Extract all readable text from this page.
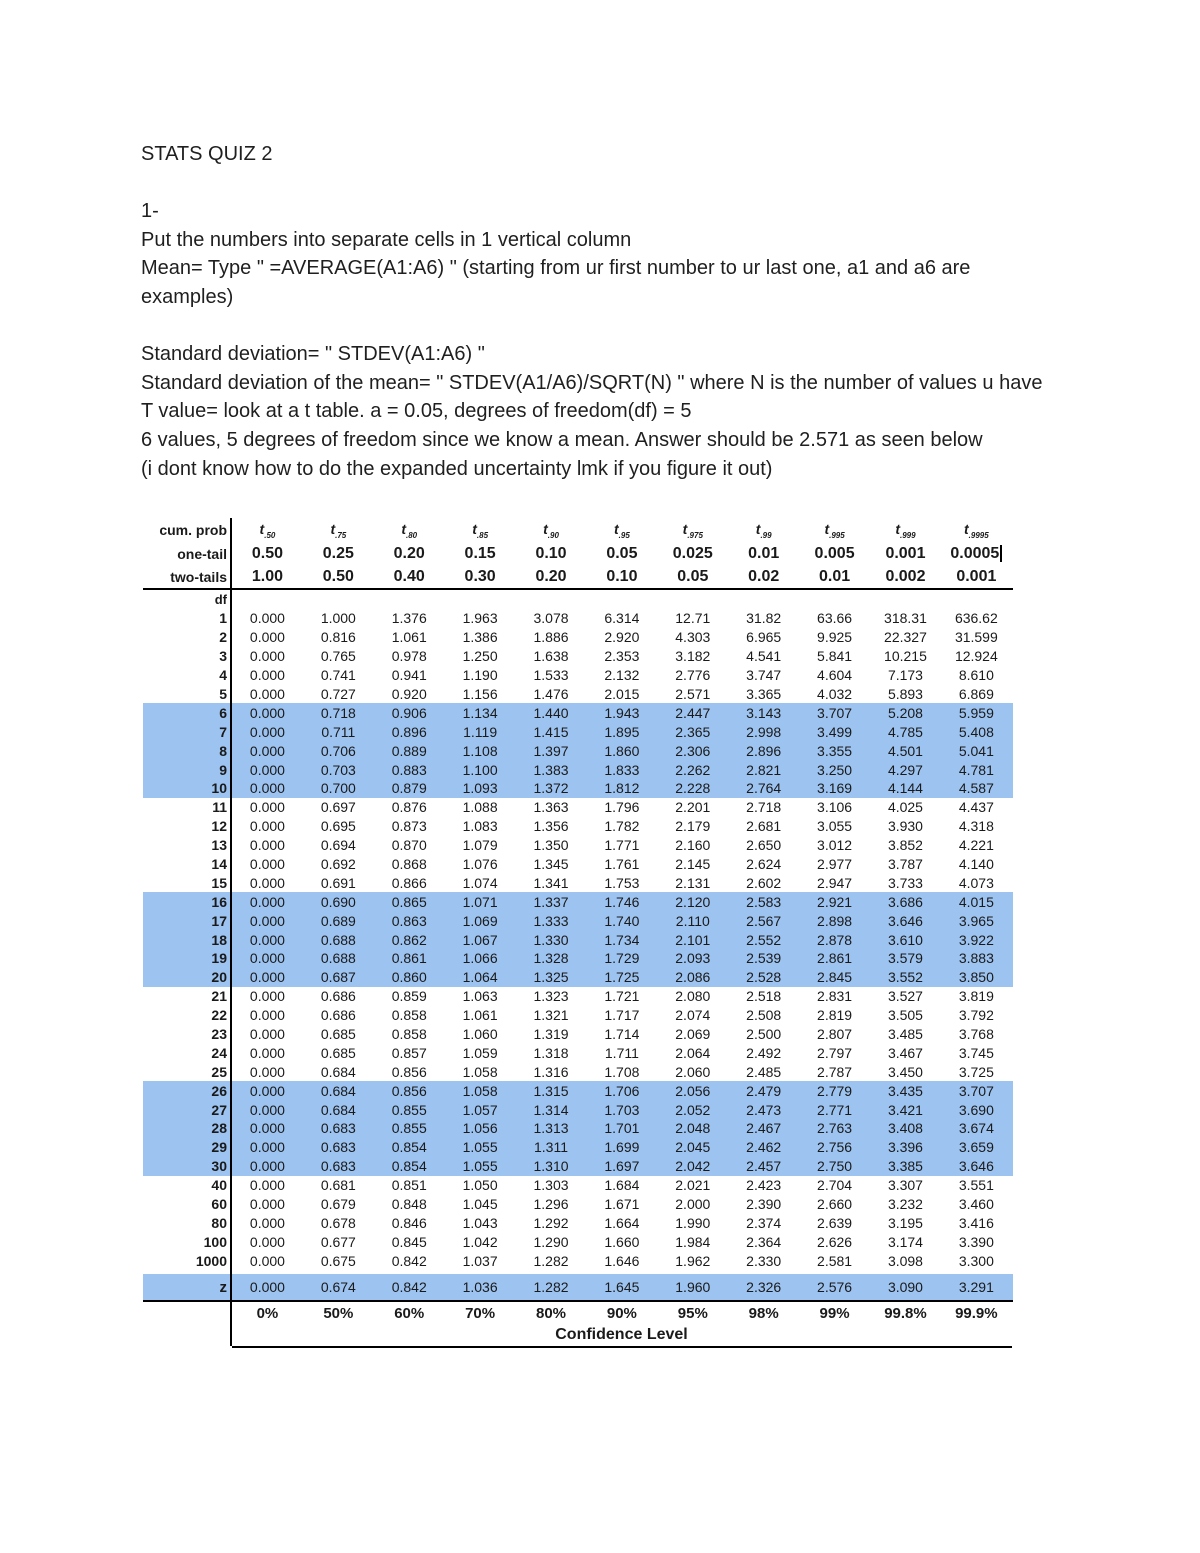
STATS QUIZ 2

1-

Put the numbers into separate cells in 1 vertical column

Mean= Type " =AVERAGE(A1:A6) " (starting from ur first number to ur last one, a1 and a6 are examples)

Standard deviation= " STDEV(A1:A6) "

Standard deviation of the mean= " STDEV(A1/A6)/SQRT(N) " where N is the number of values u have

T value= look at a t table. a = 0.05, degrees of freedom(df) = 5

6 values, 5 degrees of freedom since we know a mean. Answer should be 2.571 as seen below

(i dont know how to do the expanded uncertainty lmk if you figure it out)

cum. prob	$t_{.50}$	$t_{.75}$	$t_{.80}$	$t_{.85}$	$t_{.90}$	$t_{.95}$	$t_{.975}$	$t_{.99}$	$t_{.995}$	$t_{.999}$	$t_{.9995}$
one-tail	0.50	0.25	0.20	0.15	0.10	0.05	0.025	0.01	0.005	0.001	0.0005
two-tails	1.00	0.50	0.40	0.30	0.20	0.10	0.05	0.02	0.01	0.002	0.001
df
1	0.000	1.000	1.376	1.963	3.078	6.314	12.71	31.82	63.66	318.31	636.62
2	0.000	0.816	1.061	1.386	1.886	2.920	4.303	6.965	9.925	22.327	31.599
3	0.000	0.765	0.978	1.250	1.638	2.353	3.182	4.541	5.841	10.215	12.924
4	0.000	0.741	0.941	1.190	1.533	2.132	2.776	3.747	4.604	7.173	8.610
5	0.000	0.727	0.920	1.156	1.476	2.015	2.571	3.365	4.032	5.893	6.869
6	0.000	0.718	0.906	1.134	1.440	1.943	2.447	3.143	3.707	5.208	5.959
7	0.000	0.711	0.896	1.119	1.415	1.895	2.365	2.998	3.499	4.785	5.408
8	0.000	0.706	0.889	1.108	1.397	1.860	2.306	2.896	3.355	4.501	5.041
9	0.000	0.703	0.883	1.100	1.383	1.833	2.262	2.821	3.250	4.297	4.781
10	0.000	0.700	0.879	1.093	1.372	1.812	2.228	2.764	3.169	4.144	4.587
11	0.000	0.697	0.876	1.088	1.363	1.796	2.201	2.718	3.106	4.025	4.437
12	0.000	0.695	0.873	1.083	1.356	1.782	2.179	2.681	3.055	3.930	4.318
13	0.000	0.694	0.870	1.079	1.350	1.771	2.160	2.650	3.012	3.852	4.221
14	0.000	0.692	0.868	1.076	1.345	1.761	2.145	2.624	2.977	3.787	4.140
15	0.000	0.691	0.866	1.074	1.341	1.753	2.131	2.602	2.947	3.733	4.073
16	0.000	0.690	0.865	1.071	1.337	1.746	2.120	2.583	2.921	3.686	4.015
17	0.000	0.689	0.863	1.069	1.333	1.740	2.110	2.567	2.898	3.646	3.965
18	0.000	0.688	0.862	1.067	1.330	1.734	2.101	2.552	2.878	3.610	3.922
19	0.000	0.688	0.861	1.066	1.328	1.729	2.093	2.539	2.861	3.579	3.883
20	0.000	0.687	0.860	1.064	1.325	1.725	2.086	2.528	2.845	3.552	3.850
21	0.000	0.686	0.859	1.063	1.323	1.721	2.080	2.518	2.831	3.527	3.819
22	0.000	0.686	0.858	1.061	1.321	1.717	2.074	2.508	2.819	3.505	3.792
23	0.000	0.685	0.858	1.060	1.319	1.714	2.069	2.500	2.807	3.485	3.768
24	0.000	0.685	0.857	1.059	1.318	1.711	2.064	2.492	2.797	3.467	3.745
25	0.000	0.684	0.856	1.058	1.316	1.708	2.060	2.485	2.787	3.450	3.725
26	0.000	0.684	0.856	1.058	1.315	1.706	2.056	2.479	2.779	3.435	3.707
27	0.000	0.684	0.855	1.057	1.314	1.703	2.052	2.473	2.771	3.421	3.690
28	0.000	0.683	0.855	1.056	1.313	1.701	2.048	2.467	2.763	3.408	3.674
29	0.000	0.683	0.854	1.055	1.311	1.699	2.045	2.462	2.756	3.396	3.659
30	0.000	0.683	0.854	1.055	1.310	1.697	2.042	2.457	2.750	3.385	3.646
40	0.000	0.681	0.851	1.050	1.303	1.684	2.021	2.423	2.704	3.307	3.551
60	0.000	0.679	0.848	1.045	1.296	1.671	2.000	2.390	2.660	3.232	3.460
80	0.000	0.678	0.846	1.043	1.292	1.664	1.990	2.374	2.639	3.195	3.416
100	0.000	0.677	0.845	1.042	1.290	1.660	1.984	2.364	2.626	3.174	3.390
1000	0.000	0.675	0.842	1.037	1.282	1.646	1.962	2.330	2.581	3.098	3.300
z	0.000	0.674	0.842	1.036	1.282	1.645	1.960	2.326	2.576	3.090	3.291
0%	50%	60%	70%	80%	90%	95%	98%	99%	99.8%	99.9%
Confidence Level
